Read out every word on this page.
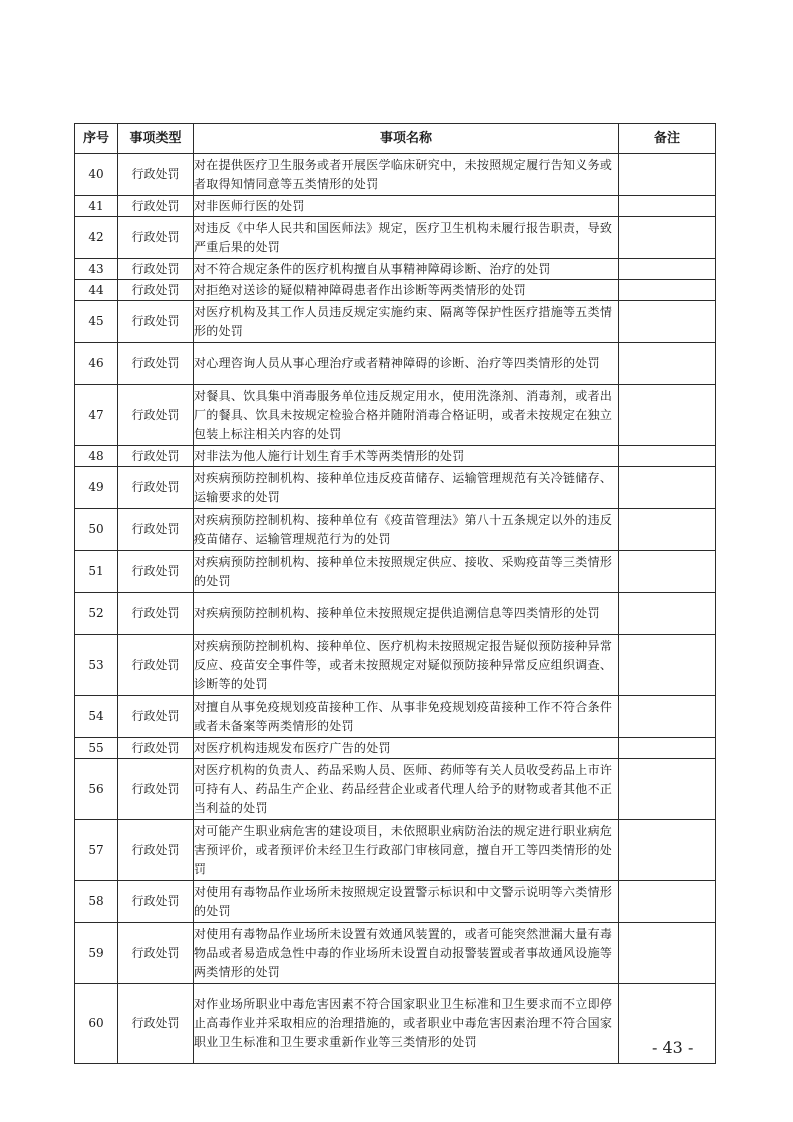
序号	事项类型	事项名称	备注
40	行政处罚	对在提供医疗卫生服务或者开展医学临床研究中，未按照规定履行告知义务或者取得知情同意等五类情形的处罚	
41	行政处罚	对非医师行医的处罚	
42	行政处罚	对违反《中华人民共和国医师法》规定，医疗卫生机构未履行报告职责，导致严重后果的处罚	
43	行政处罚	对不符合规定条件的医疗机构擅自从事精神障碍诊断、治疗的处罚	
44	行政处罚	对拒绝对送诊的疑似精神障碍患者作出诊断等两类情形的处罚	
45	行政处罚	对医疗机构及其工作人员违反规定实施约束、隔离等保护性医疗措施等五类情形的处罚	
46	行政处罚	对心理咨询人员从事心理治疗或者精神障碍的诊断、治疗等四类情形的处罚	
47	行政处罚	对餐具、饮具集中消毒服务单位违反规定用水，使用洗涤剂、消毒剂，或者出厂的餐具、饮具未按规定检验合格并随附消毒合格证明，或者未按规定在独立包装上标注相关内容的处罚	
48	行政处罚	对非法为他人施行计划生育手术等两类情形的处罚	
49	行政处罚	对疾病预防控制机构、接种单位违反疫苗储存、运输管理规范有关冷链储存、运输要求的处罚	
50	行政处罚	对疾病预防控制机构、接种单位有《疫苗管理法》第八十五条规定以外的违反疫苗储存、运输管理规范行为的处罚	
51	行政处罚	对疾病预防控制机构、接种单位未按照规定供应、接收、采购疫苗等三类情形的处罚	
52	行政处罚	对疾病预防控制机构、接种单位未按照规定提供追溯信息等四类情形的处罚	
53	行政处罚	对疾病预防控制机构、接种单位、医疗机构未按照规定报告疑似预防接种异常反应、疫苗安全事件等，或者未按照规定对疑似预防接种异常反应组织调查、诊断等的处罚	
54	行政处罚	对擅自从事免疫规划疫苗接种工作、从事非免疫规划疫苗接种工作不符合条件或者未备案等两类情形的处罚	
55	行政处罚	对医疗机构违规发布医疗广告的处罚	
56	行政处罚	对医疗机构的负责人、药品采购人员、医师、药师等有关人员收受药品上市许可持有人、药品生产企业、药品经营企业或者代理人给予的财物或者其他不正当利益的处罚	
57	行政处罚	对可能产生职业病危害的建设项目，未依照职业病防治法的规定进行职业病危害预评价，或者预评价未经卫生行政部门审核同意，擅自开工等四类情形的处罚	
58	行政处罚	对使用有毒物品作业场所未按照规定设置警示标识和中文警示说明等六类情形的处罚	
59	行政处罚	对使用有毒物品作业场所未设置有效通风装置的，或者可能突然泄漏大量有毒物品或者易造成急性中毒的作业场所未设置自动报警装置或者事故通风设施等两类情形的处罚	
60	行政处罚	对作业场所职业中毒危害因素不符合国家职业卫生标准和卫生要求而不立即停止高毒作业并采取相应的治理措施的，或者职业中毒危害因素治理不符合国家职业卫生标准和卫生要求重新作业等三类情形的处罚		- 43 -
